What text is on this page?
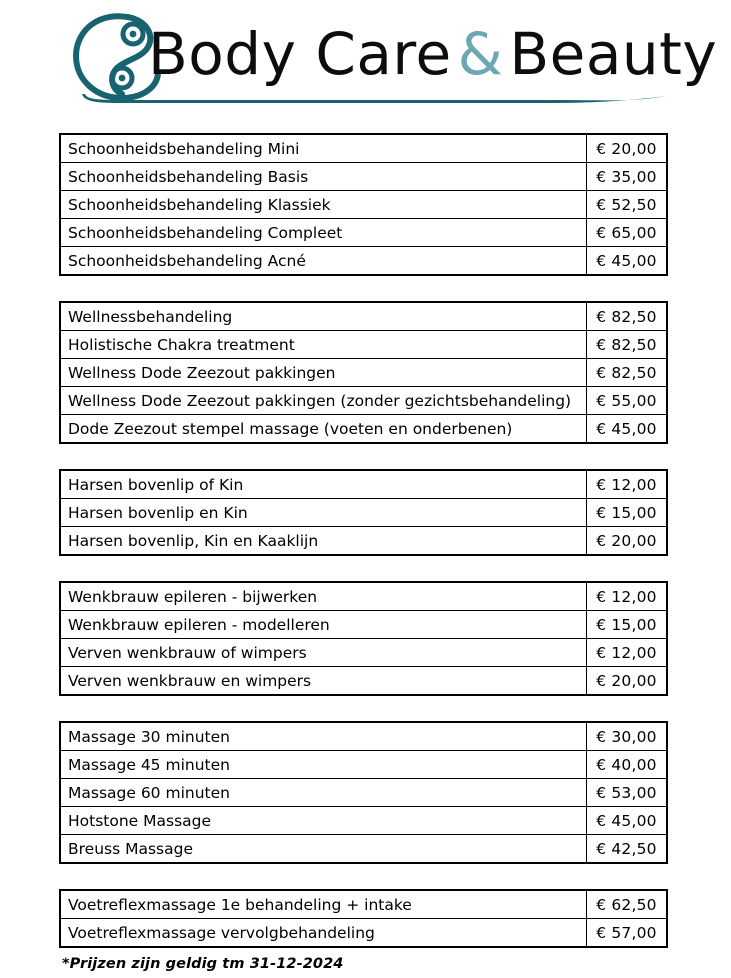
Body Care & Beauty
Schoonheidsbehandeling Mini	€ 20,00
Schoonheidsbehandeling Basis	€ 35,00
Schoonheidsbehandeling Klassiek	€ 52,50
Schoonheidsbehandeling Compleet	€ 65,00
Schoonheidsbehandeling Acné	€ 45,00
Wellnessbehandeling	€ 82,50
Holistische Chakra treatment	€ 82,50
Wellness Dode Zeezout pakkingen	€ 82,50
Wellness Dode Zeezout pakkingen (zonder gezichtsbehandeling)	€ 55,00
Dode Zeezout stempel massage (voeten en onderbenen)	€ 45,00
Harsen bovenlip of Kin	€ 12,00
Harsen bovenlip en Kin	€ 15,00
Harsen bovenlip, Kin en Kaaklijn	€ 20,00
Wenkbrauw epileren - bijwerken	€ 12,00
Wenkbrauw epileren - modelleren	€ 15,00
Verven wenkbrauw of wimpers	€ 12,00
Verven wenkbrauw en wimpers	€ 20,00
Massage 30 minuten	€ 30,00
Massage 45 minuten	€ 40,00
Massage 60 minuten	€ 53,00
Hotstone Massage	€ 45,00
Breuss Massage	€ 42,50
Voetreflexmassage 1e behandeling + intake	€ 62,50
Voetreflexmassage vervolgbehandeling	€ 57,00
*Prijzen zijn geldig tm 31-12-2024
